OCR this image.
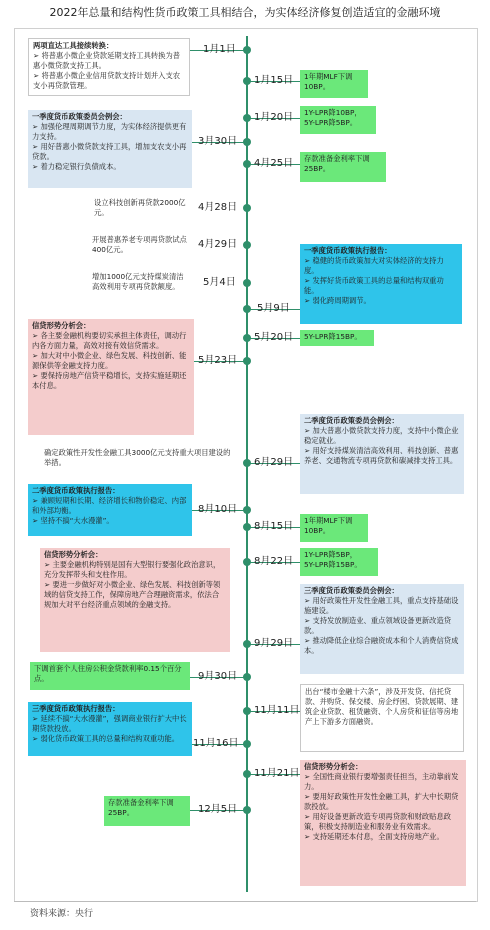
2022年总量和结构性货币政策工具相结合，为实体经济修复创造适宜的金融环境
1月1日
1月15日
1月20日
3月30日
4月25日
4月28日
4月29日
5月4日
5月9日
5月20日
5月23日
6月29日
8月10日
8月15日
8月22日
9月29日
9月30日
11月11日
11月16日
11月21日
12月5日
两项直达工具接续转换：
➢ 将普惠小微企业贷款延期支持工具转换为普惠小微贷款支持工具。
➢ 将普惠小微企业信用贷款支持计划并入支农支小再贷款管理。
一季度货币政策委员会例会：
➢ 加强伦理周期调节力度，为实体经济提供更有力支持。
➢ 用好普惠小微贷款支持工具，增加支农支小再贷款。
➢ 着力稳定银行负债成本。
设立科技创新再贷款2000亿元。
开展普惠养老专项再贷款试点400亿元。
增加1000亿元支持煤炭清洁高效利用专项再贷款额度。
信贷形势分析会：
➢ 各主要金融机构要切实承担主体责任，调动行内各方面力量，高效对接有效信贷需求。
➢ 加大对中小微企业、绿色发展、科技创新、能源保供等金融支持力度。
➢ 要保持房地产信贷平稳增长，支持实施延期还本付息。
确定政策性开发性金融工具3000亿元支持重大项目建设的举措。
二季度货币政策执行报告：
➢ 兼顾短期和长期、经济增长和物价稳定、内部和外部均衡。
➢ 坚持不搞“大水漫灌”。
信贷形势分析会：
➢ 主要金融机构特别是国有大型银行要强化政治意识，充分发挥带头和支柱作用。
➢ 要进一步做好对小微企业、绿色发展、科技创新等领域的信贷支持工作，保障房地产合理融资需求，依法合规加大对平台经济重点领域的金融支持。
下调首套个人住房公积金贷款利率0.15个百分点。
三季度货币政策执行报告：
➢ 延续不搞“大水漫灌”，强调商业银行扩大中长期贷款投放。
➢ 弱化货币政策工具的总量和结构双重功能。
存款准备金利率下调25BP。
1年期MLF下调10BP。
1Y-LPR降10BP，
5Y-LPR降5BP。
存款准备金利率下调25BP。
一季度货币政策执行报告：
➢ 稳健的货币政策加大对实体经济的支持力度。
➢ 发挥好货币政策工具的总量和结构双重功能。
➢ 弱化跨周期调节。
5Y-LPR降15BP。
二季度货币政策委员会例会：
➢ 加大普惠小微贷款支持力度，支持中小微企业稳定就业。
➢ 用好支持煤炭清洁高效利用、科技创新、普惠养老、交通物流专项再贷款和碳减排支持工具。
1年期MLF下调10BP。
1Y-LPR降5BP，
5Y-LPR降15BP。
三季度货币政策委员会例会：
➢ 用好政策性开发性金融工具，重点支持基础设施建设。
➢ 支持发放制造业、重点领域设备更新改造贷款。
➢ 推动降低企业综合融资成本和个人消费信贷成本。
出台“楼市金融十六条”，涉及开发贷、信托贷款、并购贷、保交楼、房企纾困、贷款展期、建筑企业贷款、租赁融资、个人房贷和征信等房地产上下游多方面融资。
信贷形势分析会：
➢ 全国性商业银行要增强责任担当，主动靠前发力。
➢ 要用好政策性开发性金融工具，扩大中长期贷款投放。
➢ 用好设备更新改造专项再贷款和财政贴息政策，积极支持制造业和服务业有效需求。
➢ 支持延期还本付息，全面支持房地产业。
资料来源：央行
